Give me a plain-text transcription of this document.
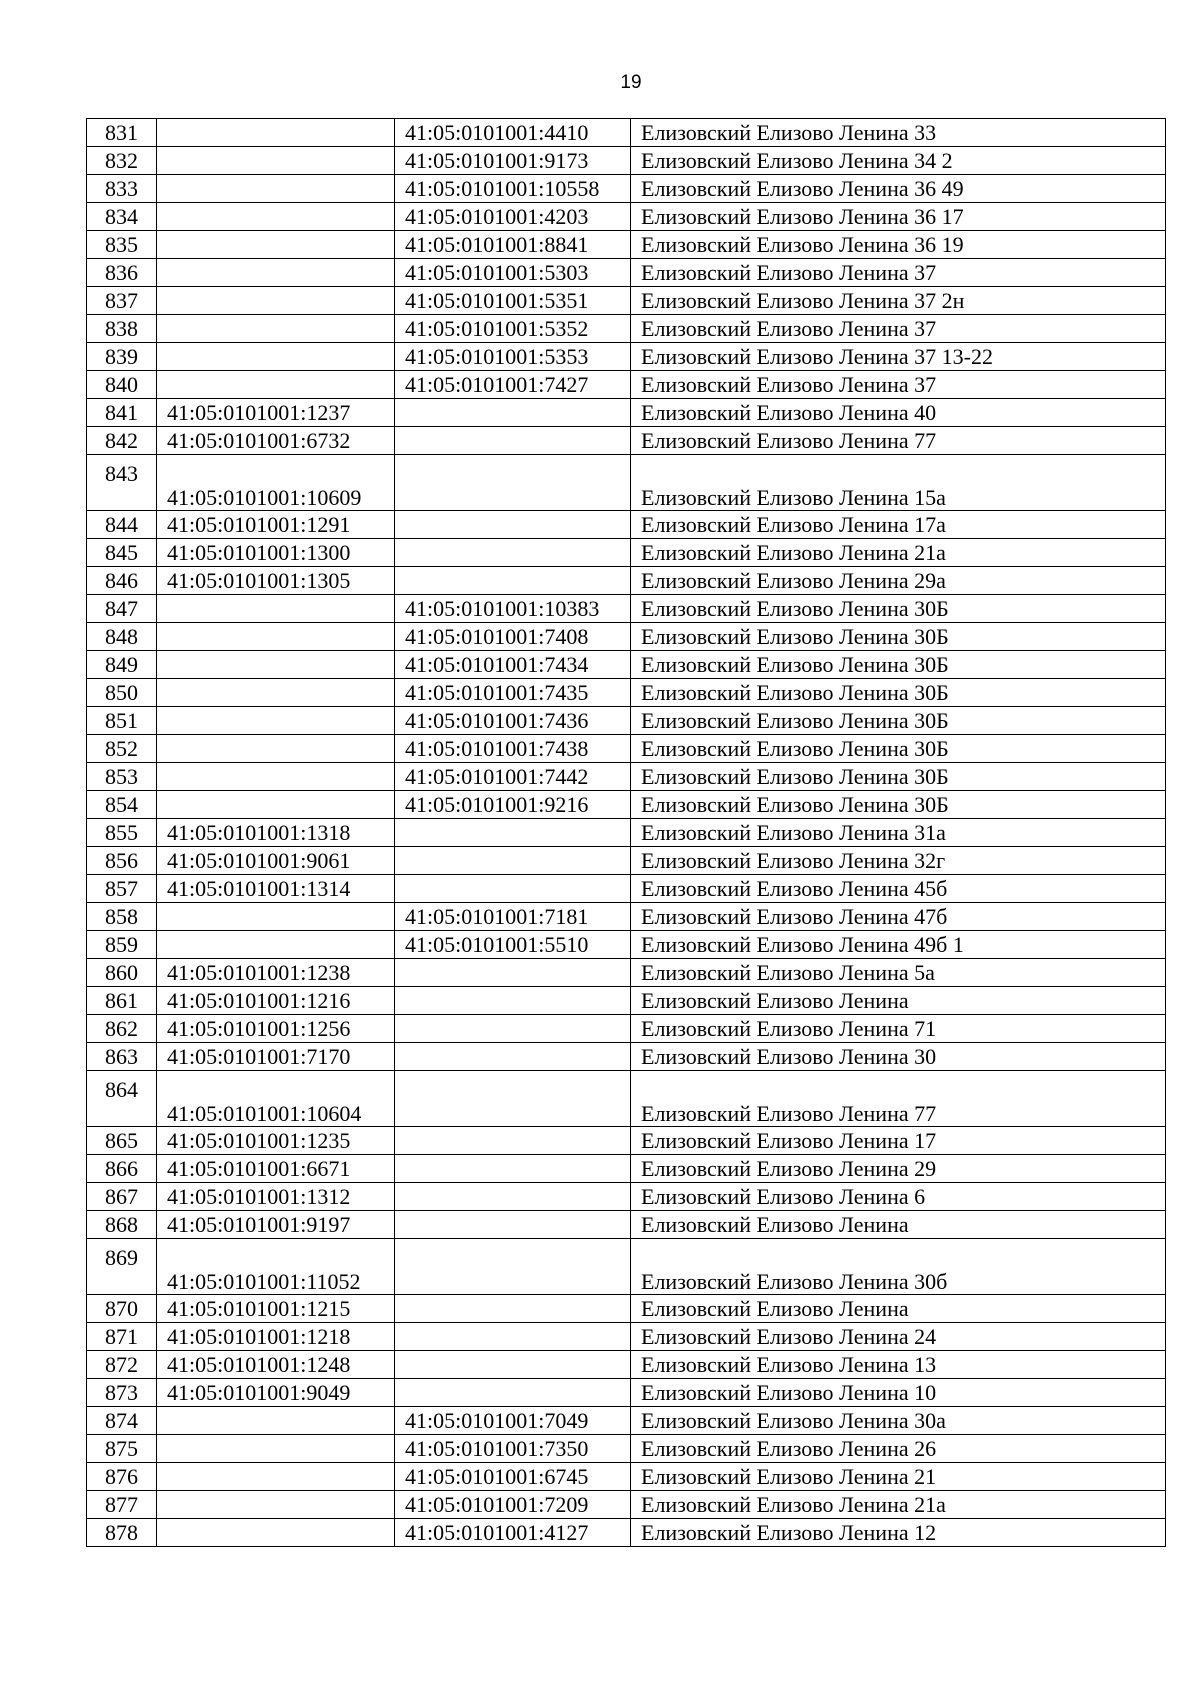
19
831		41:05:0101001:4410	Елизовский Елизово Ленина 33
832		41:05:0101001:9173	Елизовский Елизово Ленина 34 2
833		41:05:0101001:10558	Елизовский Елизово Ленина 36 49
834		41:05:0101001:4203	Елизовский Елизово Ленина 36 17
835		41:05:0101001:8841	Елизовский Елизово Ленина 36 19
836		41:05:0101001:5303	Елизовский Елизово Ленина 37
837		41:05:0101001:5351	Елизовский Елизово Ленина 37 2н
838		41:05:0101001:5352	Елизовский Елизово Ленина 37
839		41:05:0101001:5353	Елизовский Елизово Ленина 37 13-22
840		41:05:0101001:7427	Елизовский Елизово Ленина 37
841	41:05:0101001:1237		Елизовский Елизово Ленина 40
842	41:05:0101001:6732		Елизовский Елизово Ленина 77
843	41:05:0101001:10609		Елизовский Елизово Ленина 15а
844	41:05:0101001:1291		Елизовский Елизово Ленина 17а
845	41:05:0101001:1300		Елизовский Елизово Ленина 21а
846	41:05:0101001:1305		Елизовский Елизово Ленина 29а
847		41:05:0101001:10383	Елизовский Елизово Ленина 30Б
848		41:05:0101001:7408	Елизовский Елизово Ленина 30Б
849		41:05:0101001:7434	Елизовский Елизово Ленина 30Б
850		41:05:0101001:7435	Елизовский Елизово Ленина 30Б
851		41:05:0101001:7436	Елизовский Елизово Ленина 30Б
852		41:05:0101001:7438	Елизовский Елизово Ленина 30Б
853		41:05:0101001:7442	Елизовский Елизово Ленина 30Б
854		41:05:0101001:9216	Елизовский Елизово Ленина 30Б
855	41:05:0101001:1318		Елизовский Елизово Ленина 31а
856	41:05:0101001:9061		Елизовский Елизово Ленина 32г
857	41:05:0101001:1314		Елизовский Елизово Ленина 45б
858		41:05:0101001:7181	Елизовский Елизово Ленина 47б
859		41:05:0101001:5510	Елизовский Елизово Ленина 49б 1
860	41:05:0101001:1238		Елизовский Елизово Ленина 5а
861	41:05:0101001:1216		Елизовский Елизово Ленина
862	41:05:0101001:1256		Елизовский Елизово Ленина 71
863	41:05:0101001:7170		Елизовский Елизово Ленина 30
864	41:05:0101001:10604		Елизовский Елизово Ленина 77
865	41:05:0101001:1235		Елизовский Елизово Ленина 17
866	41:05:0101001:6671		Елизовский Елизово Ленина 29
867	41:05:0101001:1312		Елизовский Елизово Ленина 6
868	41:05:0101001:9197		Елизовский Елизово Ленина
869	41:05:0101001:11052		Елизовский Елизово Ленина 30б
870	41:05:0101001:1215		Елизовский Елизово Ленина
871	41:05:0101001:1218		Елизовский Елизово Ленина 24
872	41:05:0101001:1248		Елизовский Елизово Ленина 13
873	41:05:0101001:9049		Елизовский Елизово Ленина 10
874		41:05:0101001:7049	Елизовский Елизово Ленина 30а
875		41:05:0101001:7350	Елизовский Елизово Ленина 26
876		41:05:0101001:6745	Елизовский Елизово Ленина 21
877		41:05:0101001:7209	Елизовский Елизово Ленина 21а
878		41:05:0101001:4127	Елизовский Елизово Ленина 12
